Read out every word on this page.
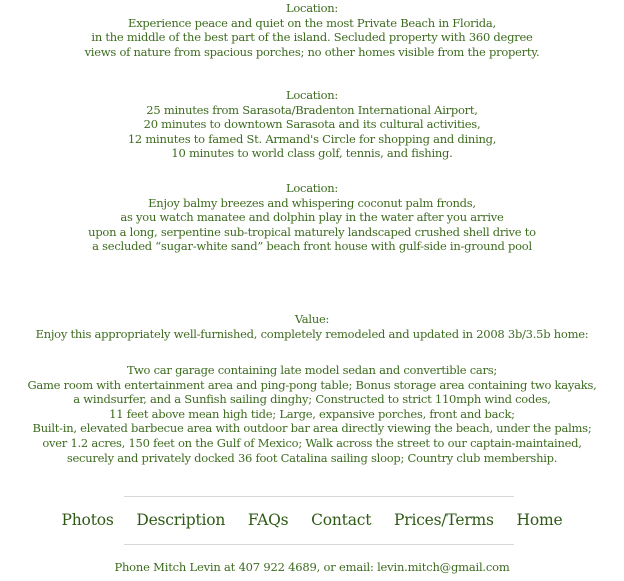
Location:
Experience peace and quiet on the most Private Beach in Florida,
in the middle of the best part of the island. Secluded property with 360 degree
views of nature from spacious porches; no other homes visible from the property.
Location:
25 minutes from Sarasota/Bradenton International Airport,
20 minutes to downtown Sarasota and its cultural activities,
12 minutes to famed St. Armand's Circle for shopping and dining,
10 minutes to world class golf, tennis, and fishing.
Location:
Enjoy balmy breezes and whispering coconut palm fronds,
as you watch manatee and dolphin play in the water after you arrive
upon a long, serpentine sub-tropical maturely landscaped crushed shell drive to
a secluded “sugar-white sand” beach front house with gulf-side in-ground pool
Value:
Enjoy this appropriately well-furnished, completely remodeled and updated in 2008 3b/3.5b home:
Two car garage containing late model sedan and convertible cars;
Game room with entertainment area and ping-pong table; Bonus storage area containing two kayaks,
a windsurfer, and a Sunfish sailing dinghy; Constructed to strict 110mph wind codes,
11 feet above mean high tide; Large, expansive porches, front and back;
Built-in, elevated barbecue area with outdoor bar area directly viewing the beach, under the palms;
over 1.2 acres, 150 feet on the Gulf of Mexico; Walk across the street to our captain-maintained,
securely and privately docked 36 foot Catalina sailing sloop; Country club membership.
Photos Description FAQs Contact Prices/Terms Home
Phone Mitch Levin at 407 922 4689, or email: levin.mitch@gmail.com
